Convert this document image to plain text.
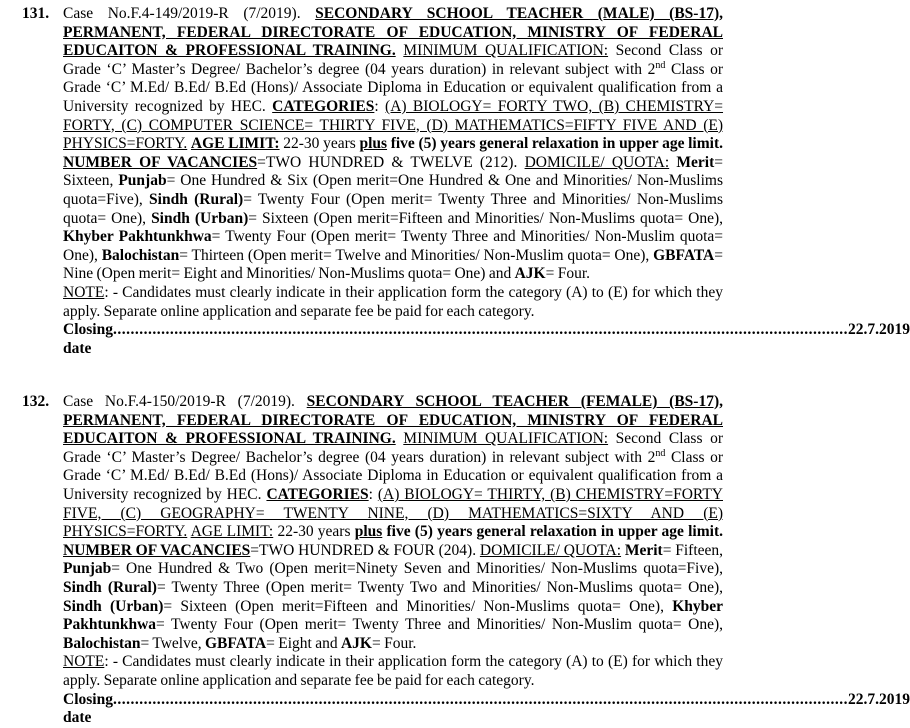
131. Case No.F.4-149/2019-R (7/2019). SECONDARY SCHOOL TEACHER (MALE) (BS-17), PERMANENT, FEDERAL DIRECTORATE OF EDUCATION, MINISTRY OF FEDERAL EDUCAITON & PROFESSIONAL TRAINING. MINIMUM QUALIFICATION: Second Class or Grade ‘C’ Master’s Degree/ Bachelor’s degree (04 years duration) in relevant subject with 2nd Class or Grade ‘C’ M.Ed/ B.Ed/ B.Ed (Hons)/ Associate Diploma in Education or equivalent qualification from a University recognized by HEC. CATEGORIES: (A) BIOLOGY= FORTY TWO, (B) CHEMISTRY= FORTY, (C) COMPUTER SCIENCE= THIRTY FIVE, (D) MATHEMATICS=FIFTY FIVE AND (E) PHYSICS=FORTY. AGE LIMIT: 22-30 years plus five (5) years general relaxation in upper age limit. NUMBER OF VACANCIES=TWO HUNDRED & TWELVE (212). DOMICILE/ QUOTA: Merit= Sixteen, Punjab= One Hundred & Six (Open merit=One Hundred & One and Minorities/ Non-Muslims quota=Five), Sindh (Rural)= Twenty Four (Open merit= Twenty Three and Minorities/ Non-Muslims quota= One), Sindh (Urban)= Sixteen (Open merit=Fifteen and Minorities/ Non-Muslims quota= One), Khyber Pakhtunkhwa= Twenty Four (Open merit= Twenty Three and Minorities/ Non-Muslim quota= One), Balochistan= Thirteen (Open merit= Twelve and Minorities/ Non-Muslim quota= One), GBFATA= Nine (Open merit= Eight and Minorities/ Non-Muslims quota= One) and AJK= Four.

NOTE: - Candidates must clearly indicate in their application form the category (A) to (E) for which they apply. Separate online application and separate fee be paid for each category.

Closing date
........................................................................................................................................................................ 22.7.2019
132. Case No.F.4-150/2019-R (7/2019). SECONDARY SCHOOL TEACHER (FEMALE) (BS-17), PERMANENT, FEDERAL DIRECTORATE OF EDUCATION, MINISTRY OF FEDERAL EDUCAITON & PROFESSIONAL TRAINING. MINIMUM QUALIFICATION: Second Class or Grade ‘C’ Master’s Degree/ Bachelor’s degree (04 years duration) in relevant subject with 2nd Class or Grade ‘C’ M.Ed/ B.Ed/ B.Ed (Hons)/ Associate Diploma in Education or equivalent qualification from a University recognized by HEC. CATEGORIES: (A) BIOLOGY= THIRTY, (B) CHEMISTRY=FORTY FIVE, (C) GEOGRAPHY= TWENTY NINE, (D) MATHEMATICS=SIXTY AND (E) PHYSICS=FORTY. AGE LIMIT: 22-30 years plus five (5) years general relaxation in upper age limit. NUMBER OF VACANCIES=TWO HUNDRED & FOUR (204). DOMICILE/ QUOTA: Merit= Fifteen, Punjab= One Hundred & Two (Open merit=Ninety Seven and Minorities/ Non-Muslims quota=Five), Sindh (Rural)= Twenty Three (Open merit= Twenty Two and Minorities/ Non-Muslims quota= One), Sindh (Urban)= Sixteen (Open merit=Fifteen and Minorities/ Non-Muslims quota= One), Khyber Pakhtunkhwa= Twenty Four (Open merit= Twenty Three and Minorities/ Non-Muslim quota= One), Balochistan= Twelve, GBFATA= Eight and AJK= Four.

NOTE: - Candidates must clearly indicate in their application form the category (A) to (E) for which they apply. Separate online application and separate fee be paid for each category.

Closing date
........................................................................................................................................................................ 22.7.2019
